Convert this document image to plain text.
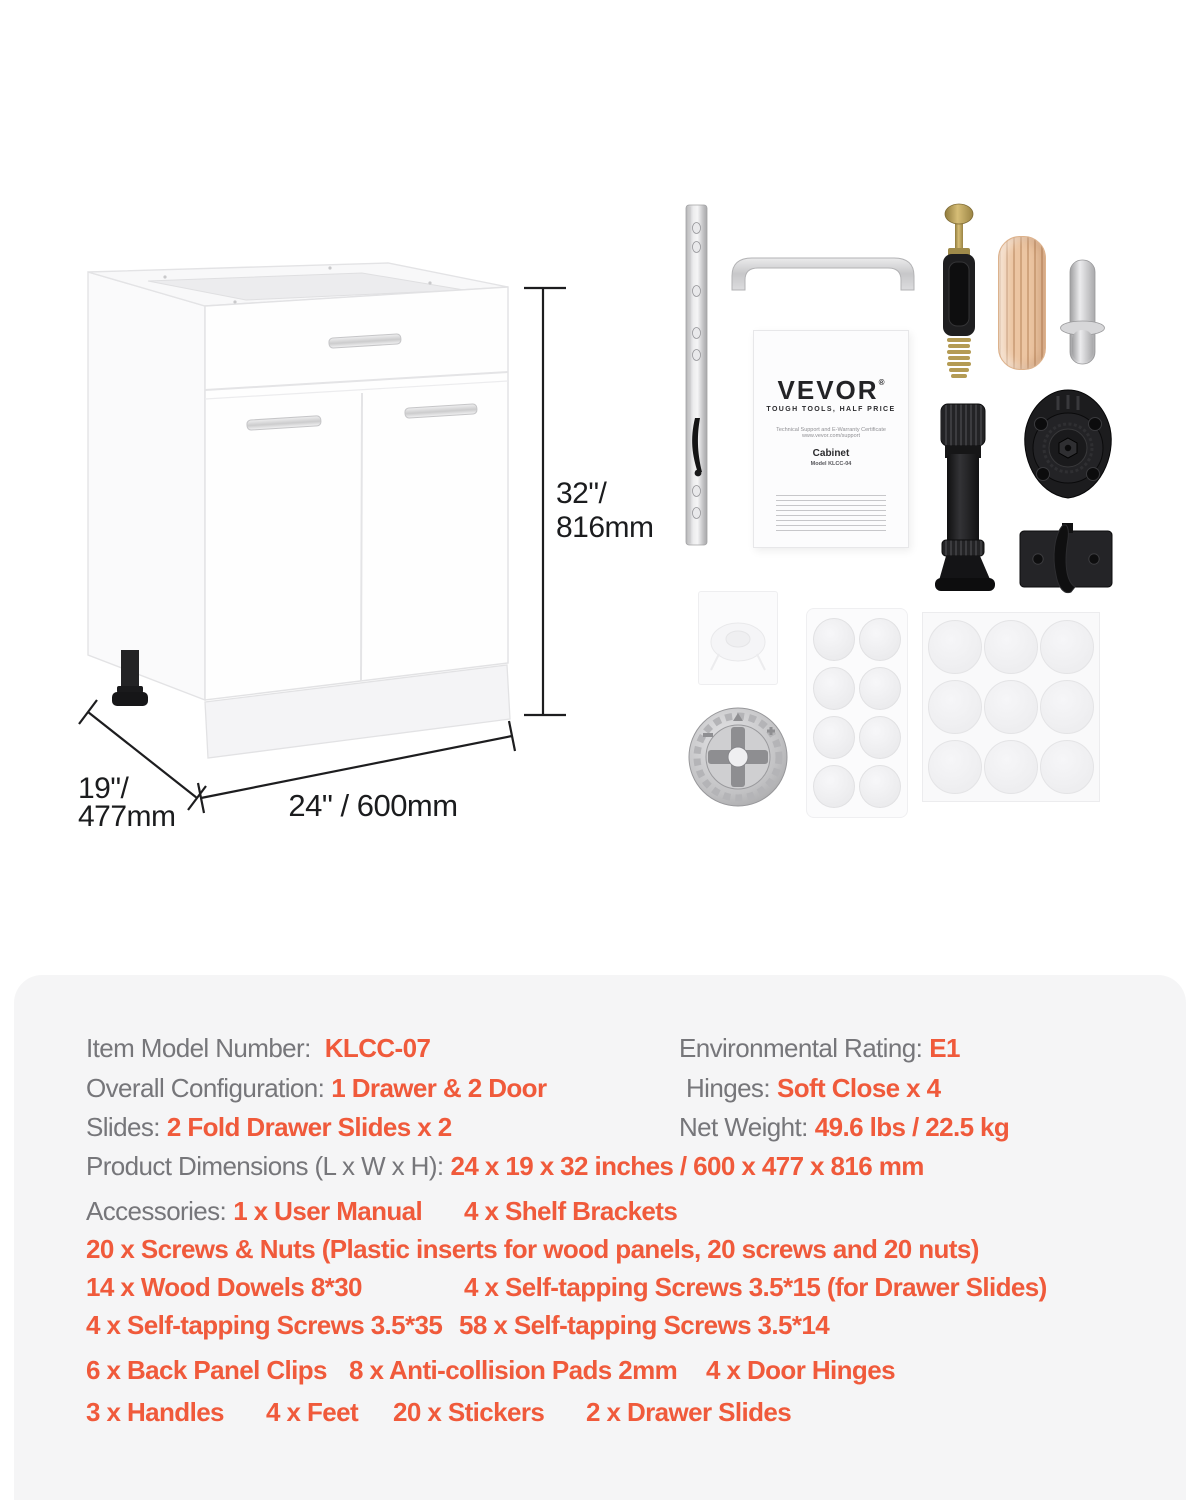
32"/
816mm
24" / 600mm
19"/
477mm
VEVOR®
TOUGH TOOLS, HALF PRICE
Technical Support and E-Warranty Certificate www.vevor.com/support
Cabinet
Model KLCC-04
Item Model Number: KLCC-07	Environmental Rating: E1
Overall Configuration: 1 Drawer & 2 Door	Hinges: Soft Close x 4
Slides: 2 Fold Drawer Slides x 2	Net Weight: 49.6 lbs / 22.5 kg
Product Dimensions (L x W x H): 24 x 19 x 32 inches / 600 x 477 x 816 mm
Accessories: 1 x User Manual 4 x Shelf Brackets
20 x Screws & Nuts (Plastic inserts for wood panels, 20 screws and 20 nuts)
14 x Wood Dowels 8*30	4 x Self-tapping Screws 3.5*15 (for Drawer Slides)
4 x Self-tapping Screws 3.5*35 58 x Self-tapping Screws 3.5*14
6 x Back Panel Clips 8 x Anti-collision Pads 2mm 4 x Door Hinges
3 x Handles 4 x Feet 20 x Stickers 2 x Drawer Slides
